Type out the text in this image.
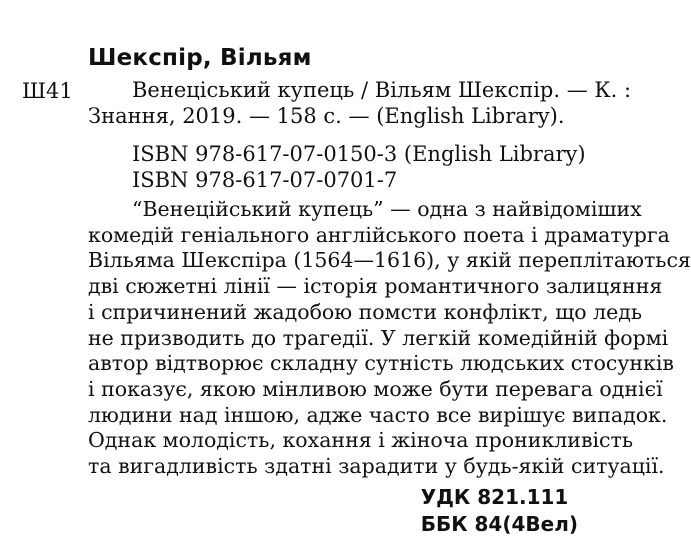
Шекспір, Вільям
Ш41	Венеціський купець / Вільям Шекспір. — К. :
Знання, 2019. — 158 с. — (English Library).
ISBN 978-617-07-0150-3 (English Library)
ISBN 978-617-07-0701-7
“Венеційський купець” — одна з найвідоміших
комедій геніального англійського поета і драматурга
Вільяма Шекспіра (1564—1616), у якій переплітаються
дві сюжетні лінії — історія романтичного залицяння
і спричинений жадобою помсти конфлікт, що ледь
не призводить до трагедії. У легкій комедійній формі
автор відтворює складну сутність людських стосунків
і показує, якою мінливою може бути перевага однієї
людини над іншою, адже часто все вирішує випадок.
Однак молодість, кохання і жіноча проникливість
та вигадливість здатні зарадити у будь-якій ситуації.
УДК 821.111
ББК 84(4Вел)
